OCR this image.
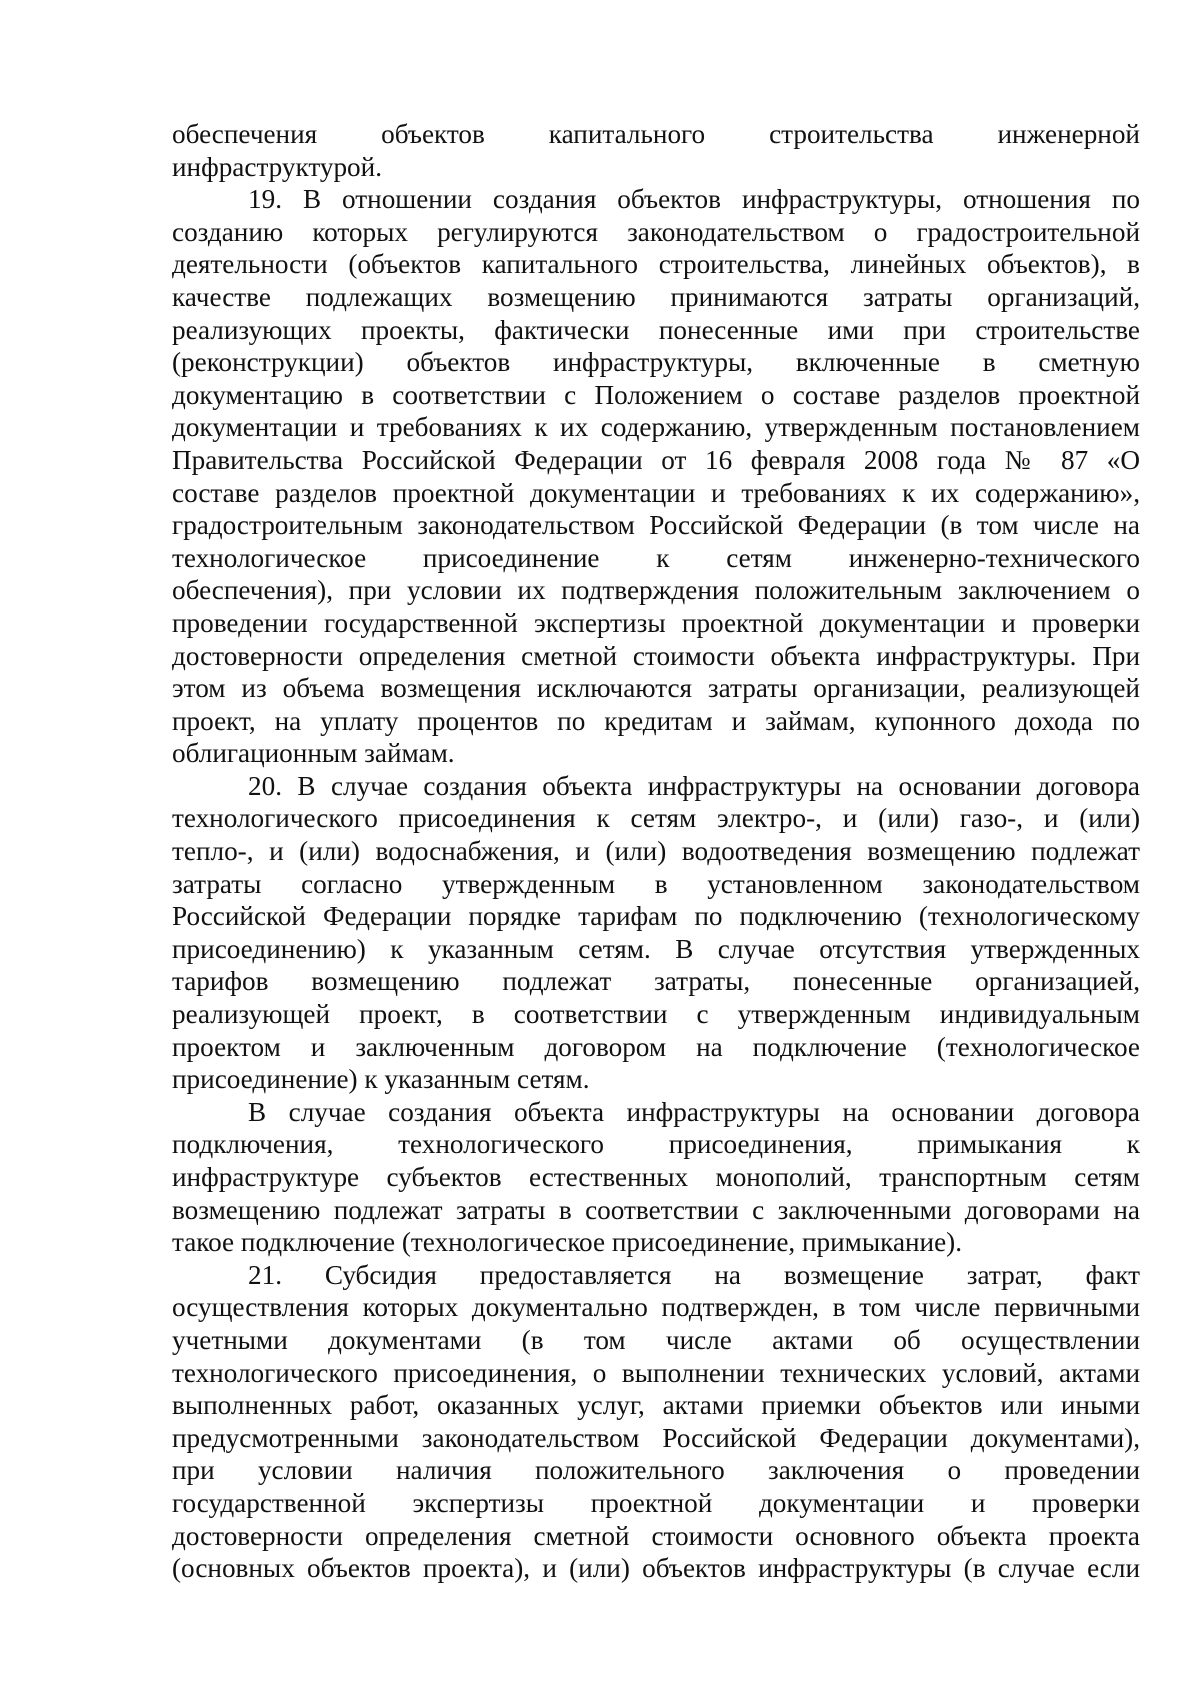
обеспечения объектов капитального строительства инженерной
инфраструктурой.
19. В отношении создания объектов инфраструктуры, отношения по
созданию которых регулируются законодательством о градостроительной
деятельности (объектов капитального строительства, линейных объектов), в
качестве подлежащих возмещению принимаются затраты организаций,
реализующих проекты, фактически понесенные ими при строительстве
(реконструкции) объектов инфраструктуры, включенные в сметную
документацию в соответствии с Положением о составе разделов проектной
документации и требованиях к их содержанию, утвержденным постановлением
Правительства Российской Федерации от 16 февраля 2008 года № 87 «О
составе разделов проектной документации и требованиях к их содержанию»,
градостроительным законодательством Российской Федерации (в том числе на
технологическое присоединение к сетям инженерно-технического
обеспечения), при условии их подтверждения положительным заключением о
проведении государственной экспертизы проектной документации и проверки
достоверности определения сметной стоимости объекта инфраструктуры. При
этом из объема возмещения исключаются затраты организации, реализующей
проект, на уплату процентов по кредитам и займам, купонного дохода по
облигационным займам.
20. В случае создания объекта инфраструктуры на основании договора
технологического присоединения к сетям электро-, и (или) газо-, и (или)
тепло-, и (или) водоснабжения, и (или) водоотведения возмещению подлежат
затраты согласно утвержденным в установленном законодательством
Российской Федерации порядке тарифам по подключению (технологическому
присоединению) к указанным сетям. В случае отсутствия утвержденных
тарифов возмещению подлежат затраты, понесенные организацией,
реализующей проект, в соответствии с утвержденным индивидуальным
проектом и заключенным договором на подключение (технологическое
присоединение) к указанным сетям.
В случае создания объекта инфраструктуры на основании договора
подключения, технологического присоединения, примыкания к
инфраструктуре субъектов естественных монополий, транспортным сетям
возмещению подлежат затраты в соответствии с заключенными договорами на
такое подключение (технологическое присоединение, примыкание).
21. Субсидия предоставляется на возмещение затрат, факт
осуществления которых документально подтвержден, в том числе первичными
учетными документами (в том числе актами об осуществлении
технологического присоединения, о выполнении технических условий, актами
выполненных работ, оказанных услуг, актами приемки объектов или иными
предусмотренными законодательством Российской Федерации документами),
при условии наличия положительного заключения о проведении
государственной экспертизы проектной документации и проверки
достоверности определения сметной стоимости основного объекта проекта
(основных объектов проекта), и (или) объектов инфраструктуры (в случае если
